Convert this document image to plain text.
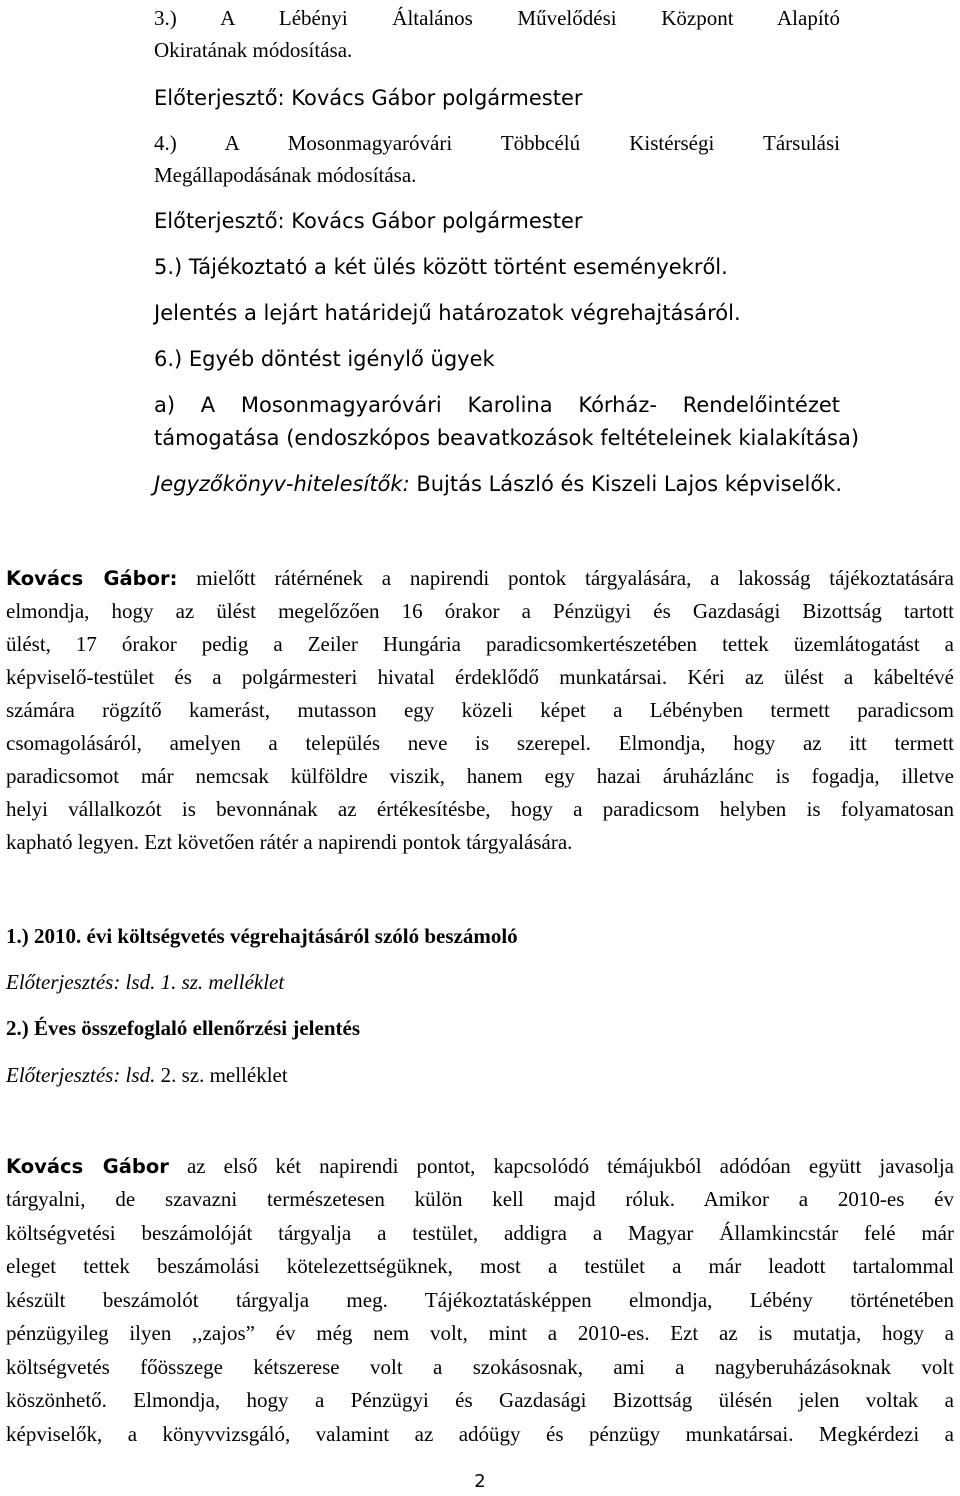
3.) A Lébényi Általános Művelődési Központ Alapító
Okiratának módosítása.
Előterjesztő: Kovács Gábor polgármester
4.) A Mosonmagyaróvári Többcélú Kistérségi Társulási
Megállapodásának módosítása.
Előterjesztő: Kovács Gábor polgármester
5.) Tájékoztató a két ülés között történt eseményekről.
Jelentés a lejárt határidejű határozatok végrehajtásáról.
6.) Egyéb döntést igénylő ügyek
a) A Mosonmagyaróvári Karolina Kórház- Rendelőintézet
támogatása (endoszkópos beavatkozások feltételeinek kialakítása)
Jegyzőkönyv-hitelesítők: Bujtás László és Kiszeli Lajos képviselők.
Kovács Gábor: mielőtt rátérnének a napirendi pontok tárgyalására, a lakosság tájékoztatására
elmondja, hogy az ülést megelőzően 16 órakor a Pénzügyi és Gazdasági Bizottság tartott
ülést, 17 órakor pedig a Zeiler Hungária paradicsomkertészetében tettek üzemlátogatást a
képviselő-testület és a polgármesteri hivatal érdeklődő munkatársai. Kéri az ülést a kábeltévé
számára rögzítő kamerást, mutasson egy közeli képet a Lébényben termett paradicsom
csomagolásáról, amelyen a település neve is szerepel. Elmondja, hogy az itt termett
paradicsomot már nemcsak külföldre viszik, hanem egy hazai áruházlánc is fogadja, illetve
helyi vállalkozót is bevonnának az értékesítésbe, hogy a paradicsom helyben is folyamatosan
kapható legyen. Ezt követően rátér a napirendi pontok tárgyalására.
1.) 2010. évi költségvetés végrehajtásáról szóló beszámoló
Előterjesztés: lsd. 1. sz. melléklet
2.) Éves összefoglaló ellenőrzési jelentés
Előterjesztés: lsd. 2. sz. melléklet
Kovács Gábor az első két napirendi pontot, kapcsolódó témájukból adódóan együtt javasolja
tárgyalni, de szavazni természetesen külön kell majd róluk. Amikor a 2010-es év
költségvetési beszámolóját tárgyalja a testület, addigra a Magyar Államkincstár felé már
eleget tettek beszámolási kötelezettségüknek, most a testület a már leadott tartalommal
készült beszámolót tárgyalja meg. Tájékoztatásképpen elmondja, Lébény történetében
pénzügyileg ilyen ,,zajos” év még nem volt, mint a 2010-es. Ezt az is mutatja, hogy a
költségvetés főösszege kétszerese volt a szokásosnak, ami a nagyberuházásoknak volt
köszönhető. Elmondja, hogy a Pénzügyi és Gazdasági Bizottság ülésén jelen voltak a
képviselők, a könyvvizsgáló, valamint az adóügy és pénzügy munkatársai. Megkérdezi a
2
